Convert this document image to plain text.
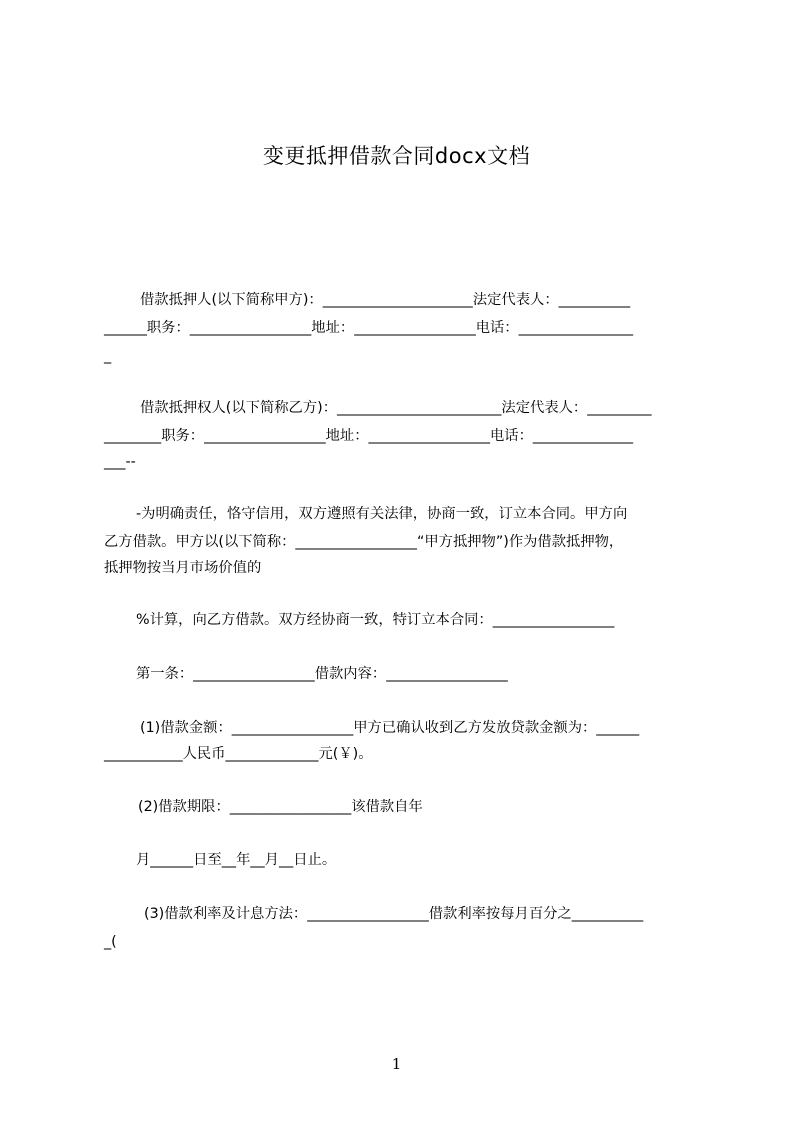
变更抵押借款合同docx文档
借款抵押人(以下简称甲方)：_____________________法定代表人：__________
______职务：_________________地址：_________________电话：________________
_
借款抵押权人(以下简称乙方)：_______________________法定代表人：_________
________职务：_________________地址：_________________电话：______________
___--
-为明确责任，恪守信用，双方遵照有关法律，协商一致，订立本合同。甲方向
乙方借款。甲方以(以下简称：_________________“甲方抵押物”)作为借款抵押物，
抵押物按当月市场价值的
%计算，向乙方借款。双方经协商一致，特订立本合同：_________________
第一条：_________________借款内容：_________________
(1)借款金额：_________________甲方已确认收到乙方发放贷款金额为：______
___________人民币_____________元(￥)。
(2)借款期限：_________________该借款自年
月______日至__年__月__日止。
(3)借款利率及计息方法：_________________借款利率按每月百分之__________
_(
1
